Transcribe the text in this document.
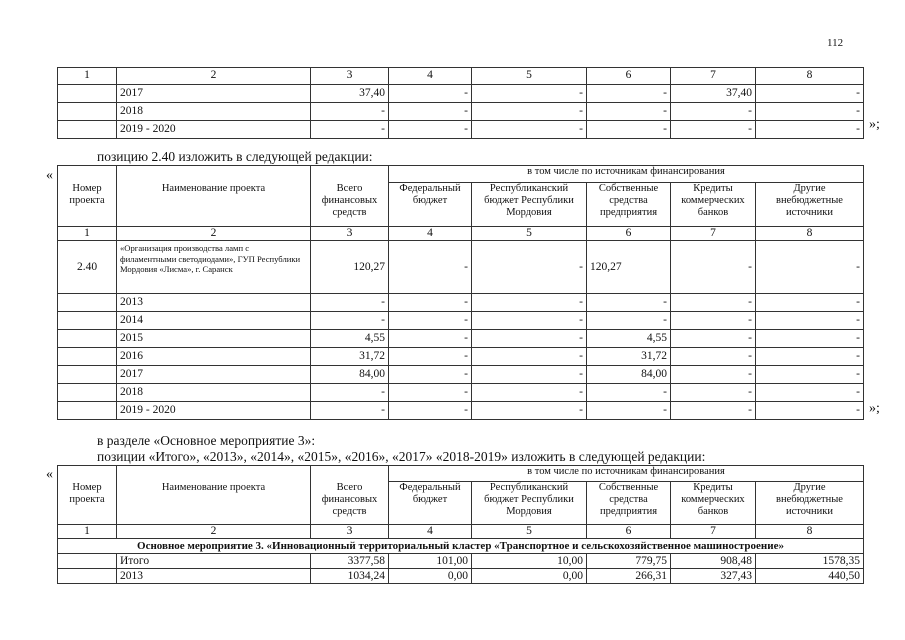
112
1	2	3	4	5	6	7	8
	2017	37,40	-	-	-	37,40	-
	2018	-	-	-	-	-	-
	2019 - 2020	-	-	-	-	-	- »;
позицию 2.40 изложить в следующей редакции:
«
				в том числе по источникам финансирования				
Номер проекта	Наименование проекта	Всего финансовых средств	Федеральный бюджет	Республиканский бюджет Республики Мордовия	Собственные средства предприятия	Кредиты коммерческих банков	Другие внебюджетные источники
1	2	3	4	5	6	7	8
2.40	«Организация производства ламп с филаментными светодиодами», ГУП Республики Мордовия «Лисма», г. Саранск	120,27	-	-	120,27	-	-
	2013	-	-	-	-	-	-
	2014	-	-	-	-	-	-
	2015	4,55	-	-	4,55	-	-
	2016	31,72	-	-	31,72	-	-
	2017	84,00	-	-	84,00	-	-
	2018	-	-	-	-	-	-
	2019 - 2020	-	-	-	-	-	- »;
в разделе «Основное мероприятие 3»:
позиции «Итого», «2013», «2014», «2015», «2016», «2017» «2018-2019» изложить в следующей редакции:
«
				в том числе по источникам финансирования				
Номер проекта	Наименование проекта	Всего финансовых средств	Федеральный бюджет	Республиканский бюджет Республики Мордовия	Собственные средства предприятия	Кредиты коммерческих банков	Другие внебюджетные источники
1	2	3	4	5	6	7	8
Основное мероприятие 3. «Инновационный территориальный кластер «Транспортное и сельскохозяйственное машиностроение»							
	Итого	3377,58	101,00	10,00	779,75	908,48	1578,35
	2013	1034,24	0,00	0,00	266,31	327,43	440,50
